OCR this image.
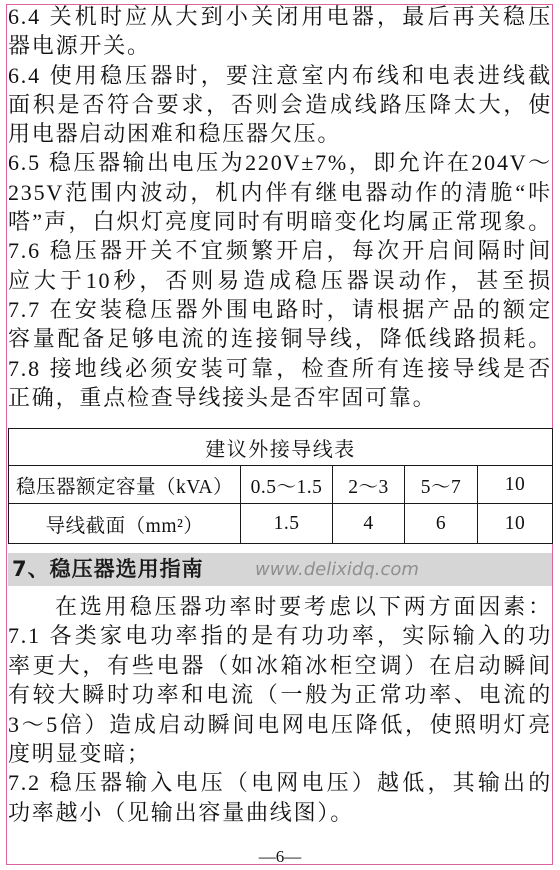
6.4 关机时应从大到小关闭用电器，最后再关稳压
器电源开关。
6.4 使用稳压器时，要注意室内布线和电表进线截
面积是否符合要求，否则会造成线路压降太大，使
用电器启动困难和稳压器欠压。
6.5 稳压器输出电压为220V±7%，即允许在204V～
235V范围内波动，机内伴有继电器动作的清脆“咔
嗒”声，白炽灯亮度同时有明暗变化均属正常现象。
7.6 稳压器开关不宜频繁开启，每次开启间隔时间
应大于10秒，否则易造成稳压器误动作，甚至损
7.7 在安装稳压器外围电路时，请根据产品的额定
容量配备足够电流的连接铜导线，降低线路损耗。
7.8 接地线必须安装可靠，检查所有连接导线是否
正确，重点检查导线接头是否牢固可靠。
建议外接导线表				
稳压器额定容量（kVA）	0.5～1.5	2～3	5～7	10
导线截面（mm²）	1.5	4	6	10
7、稳压器选用指南	www.delixidq.com
在选用稳压器功率时要考虑以下两方面因素：
7.1 各类家电功率指的是有功功率，实际输入的功
率更大，有些电器（如冰箱冰柜空调）在启动瞬间
有较大瞬时功率和电流（一般为正常功率、电流的
3～5倍）造成启动瞬间电网电压降低，使照明灯亮
度明显变暗；
7.2 稳压器输入电压（电网电压）越低，其输出的
功率越小（见输出容量曲线图）。
—6—
